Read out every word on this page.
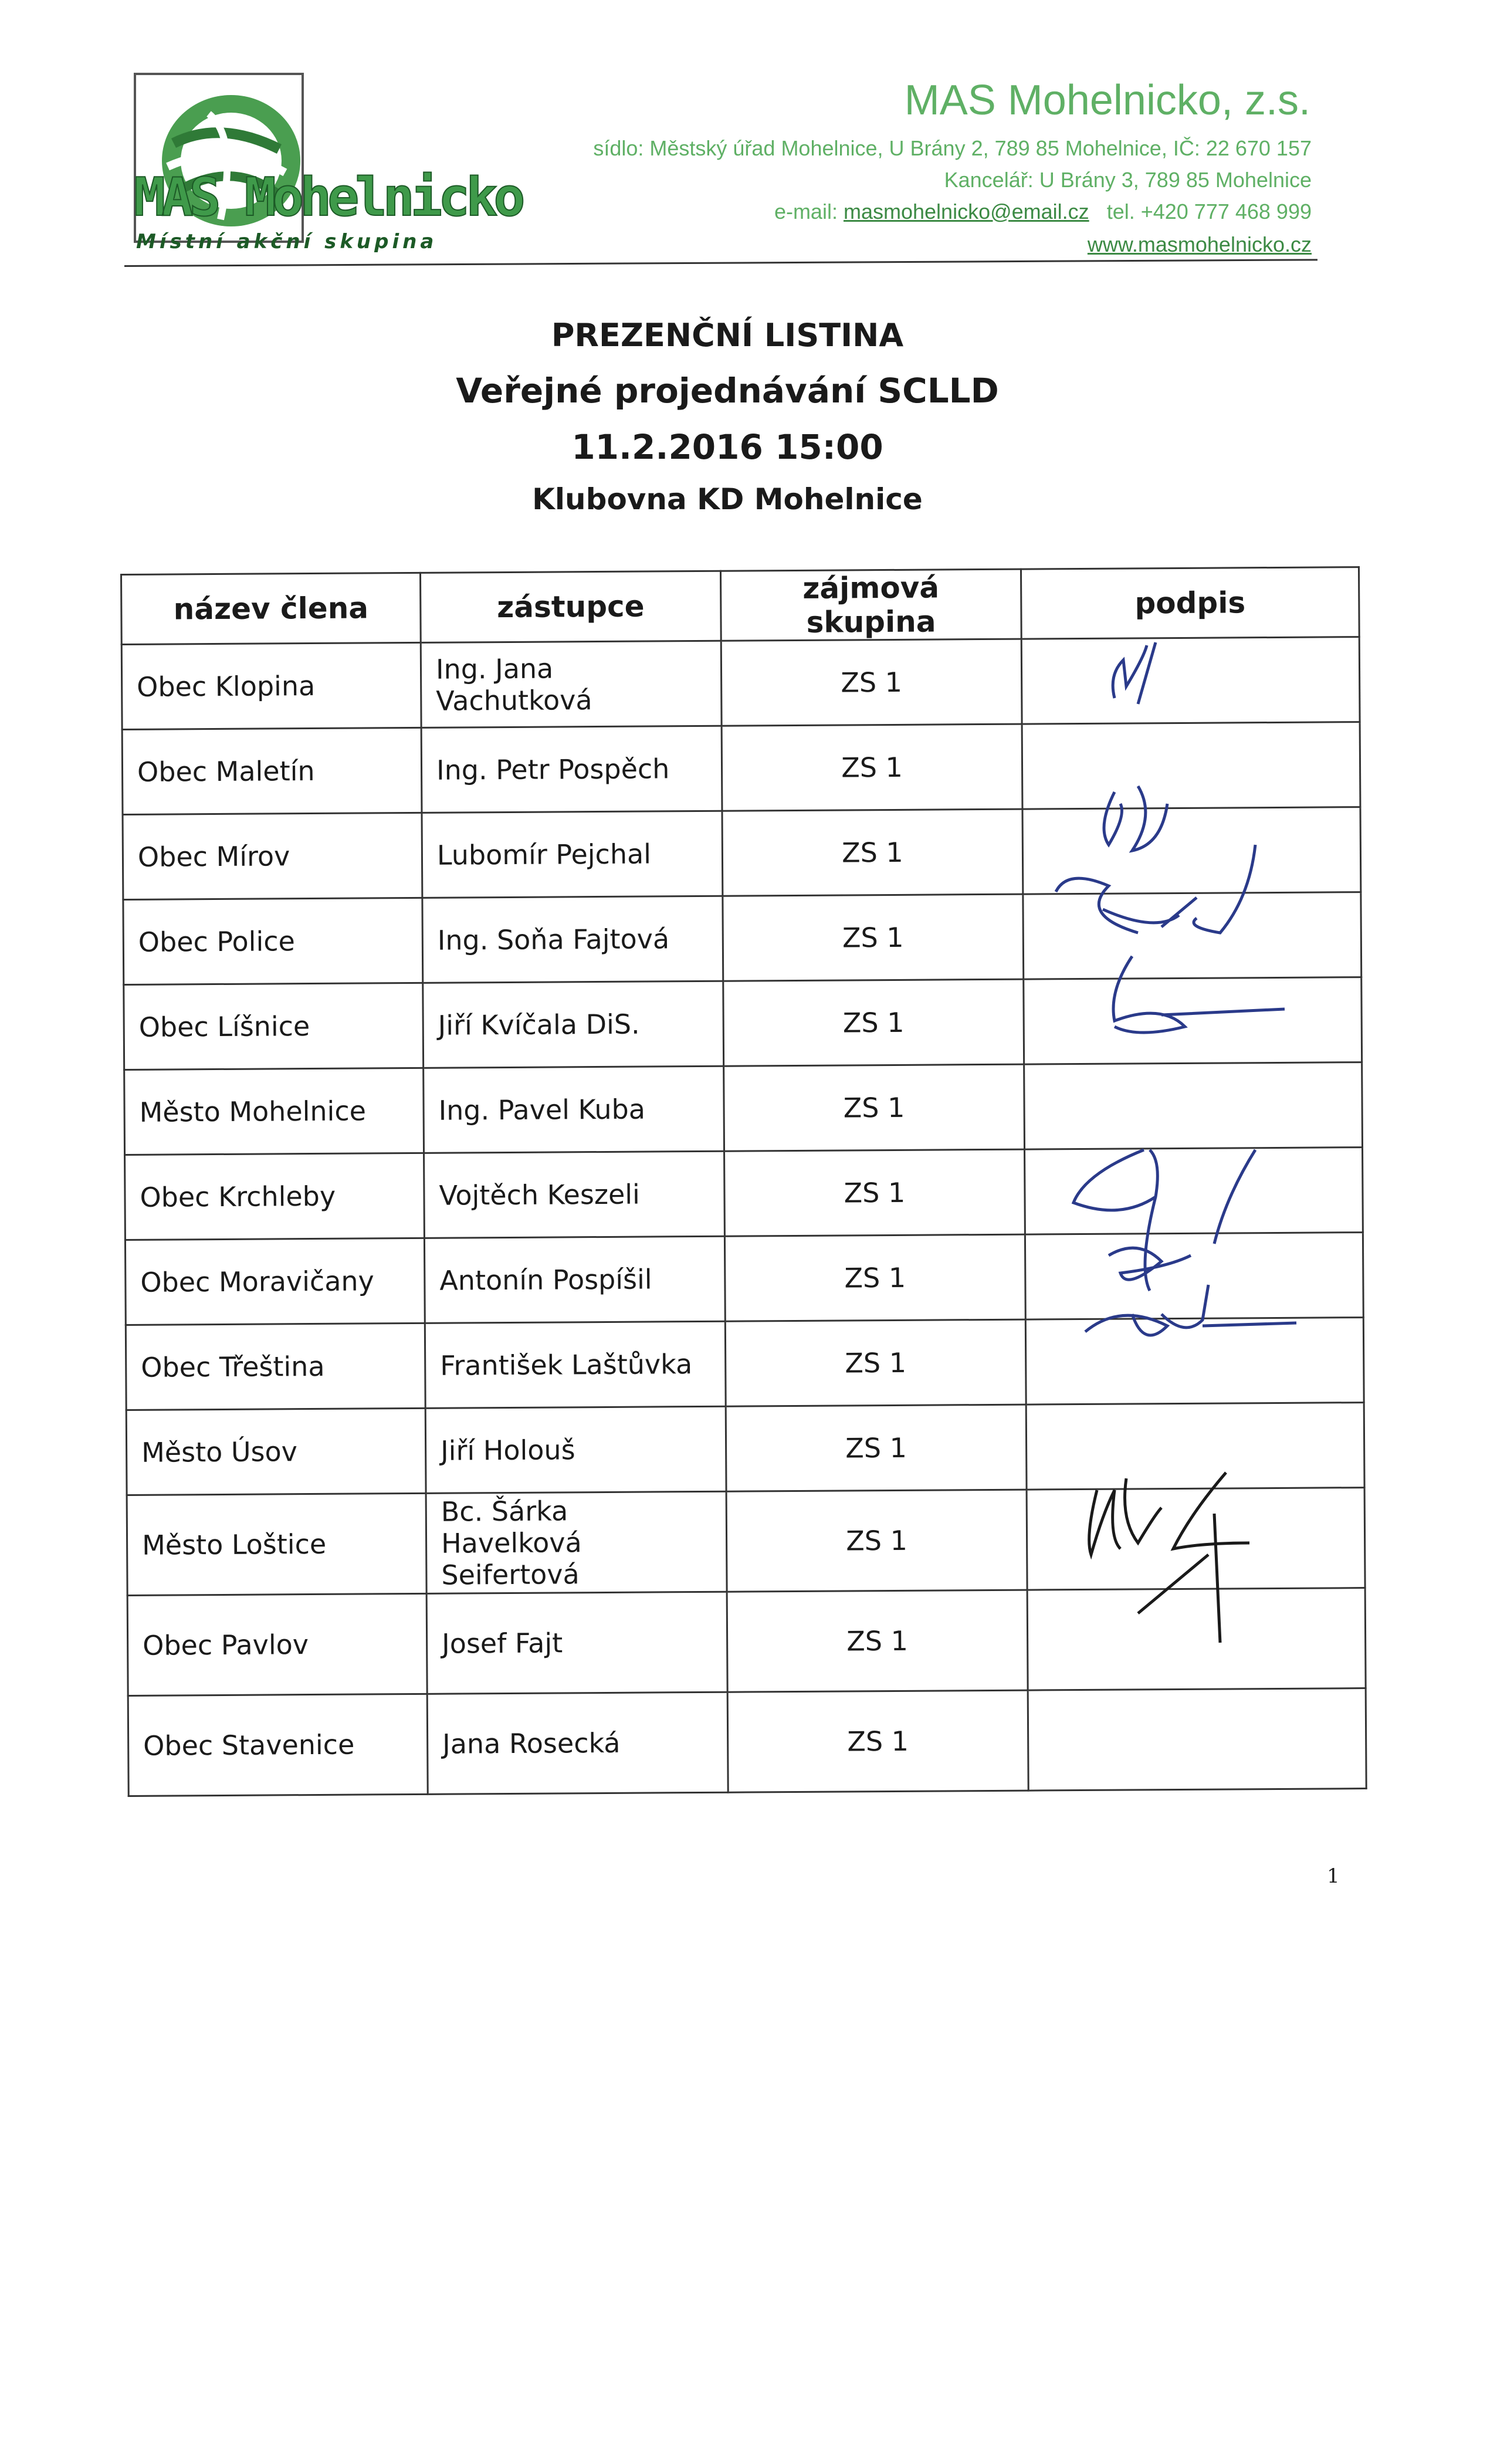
MAS Mohelnicko
Místní akční skupina
MAS Mohelnicko, z.s.
sídlo: Městský úřad Mohelnice, U Brány 2, 789 85 Mohelnice, IČ: 22 670 157
Kancelář: U Brány 3, 789 85 Mohelnice
e-mail: masmohelnicko@email.cz tel. +420 777 468 999
www.masmohelnicko.cz
PREZENČNÍ LISTINA
Veřejné projednávání SCLLD
11.2.2016 15:00
Klubovna KD Mohelnice
název člena	zástupce	zájmová skupina	podpis
Obec Klopina	Ing. Jana Vachutková	ZS 1	
Obec Maletín	Ing. Petr Pospěch	ZS 1	
Obec Mírov	Lubomír Pejchal	ZS 1	
Obec Police	Ing. Soňa Fajtová	ZS 1	
Obec Líšnice	Jiří Kvíčala DiS.	ZS 1	
Město Mohelnice	Ing. Pavel Kuba	ZS 1	
Obec Krchleby	Vojtěch Keszeli	ZS 1	
Obec Moravičany	Antonín Pospíšil	ZS 1	
Obec Třeština	František Laštůvka	ZS 1	
Město Úsov	Jiří Holouš	ZS 1	
Město Loštice	Bc. Šárka Havelková Seifertová	ZS 1	
Obec Pavlov	Josef Fajt	ZS 1	
Obec Stavenice	Jana Rosecká	ZS 1	
1
